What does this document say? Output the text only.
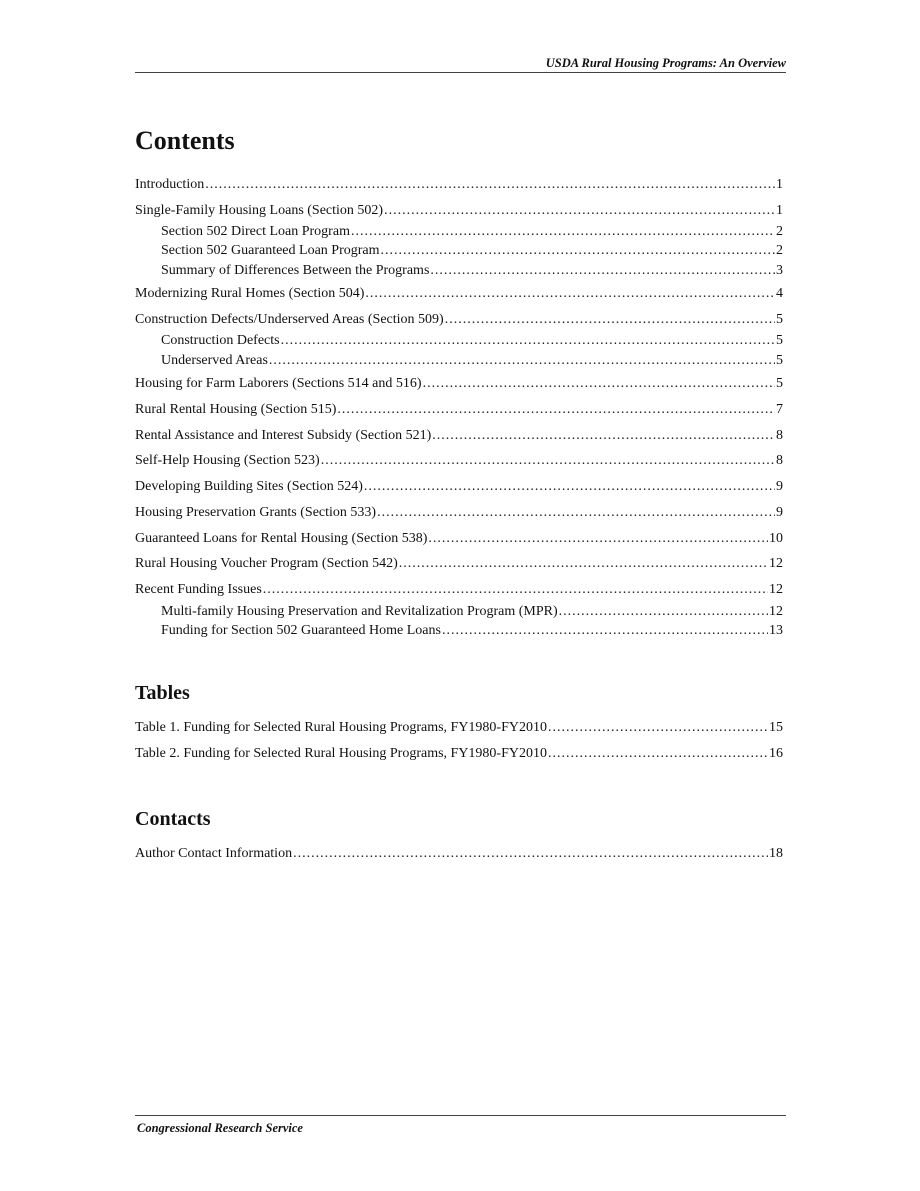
USDA Rural Housing Programs: An Overview
Contents
Introduction .....	1
Single-Family Housing Loans (Section 502) .....	1
Section 502 Direct Loan Program .....	2
Section 502 Guaranteed Loan Program .....	2
Summary of Differences Between the Programs .....	3
Modernizing Rural Homes (Section 504) .....	4
Construction Defects/Underserved Areas (Section 509) .....	5
Construction Defects .....	5
Underserved Areas .....	5
Housing for Farm Laborers (Sections 514 and 516) .....	5
Rural Rental Housing (Section 515) .....	7
Rental Assistance and Interest Subsidy (Section 521) .....	8
Self-Help Housing (Section 523) .....	8
Developing Building Sites (Section 524) .....	9
Housing Preservation Grants (Section 533) .....	9
Guaranteed Loans for Rental Housing (Section 538) .....	10
Rural Housing Voucher Program (Section 542) .....	12
Recent Funding Issues .....	12
Multi-family Housing Preservation and Revitalization Program (MPR) .....	12
Funding for Section 502 Guaranteed Home Loans .....	13
Tables
Table 1. Funding for Selected Rural Housing Programs, FY1980-FY2010 .....	15
Table 2. Funding for Selected Rural Housing Programs, FY1980-FY2010 .....	16
Contacts
Author Contact Information .....	18
Congressional Research Service
